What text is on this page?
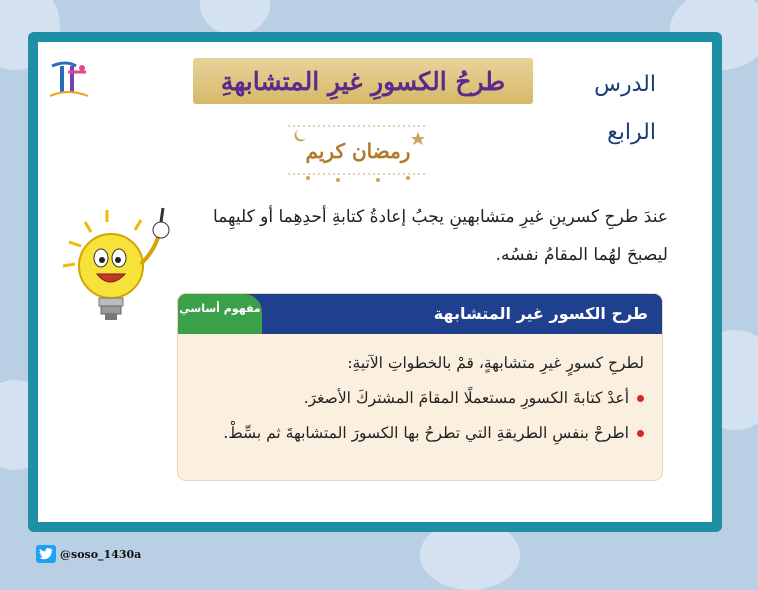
طرحُ الكسورِ غيرِ المتشابهةِ	الدرس
الرابع
رمضان كريم
عندَ طرحِ كسرينِ غيرِ متشابهينِ يجبُ إعادةُ كتابةِ أحدِهِما أو كليهِما ليصبحَ لهُما المقامُ نفسُه.
طرح الكسور غير المتشابهة
مفهوم أساسي
لطرحِ كسورٍ غيرِ متشابهةٍ، قمْ بالخطواتِ الآتيةِ:
أعدْ كتابةَ الكسورِ مستعملًا المقامَ المشتركَ الأصغرَ.
اطرحْ بنفسِ الطريقةِ التي تطرحُ بها الكسورَ المتشابهةَ ثم بسِّطْ.
@soso_1430a
